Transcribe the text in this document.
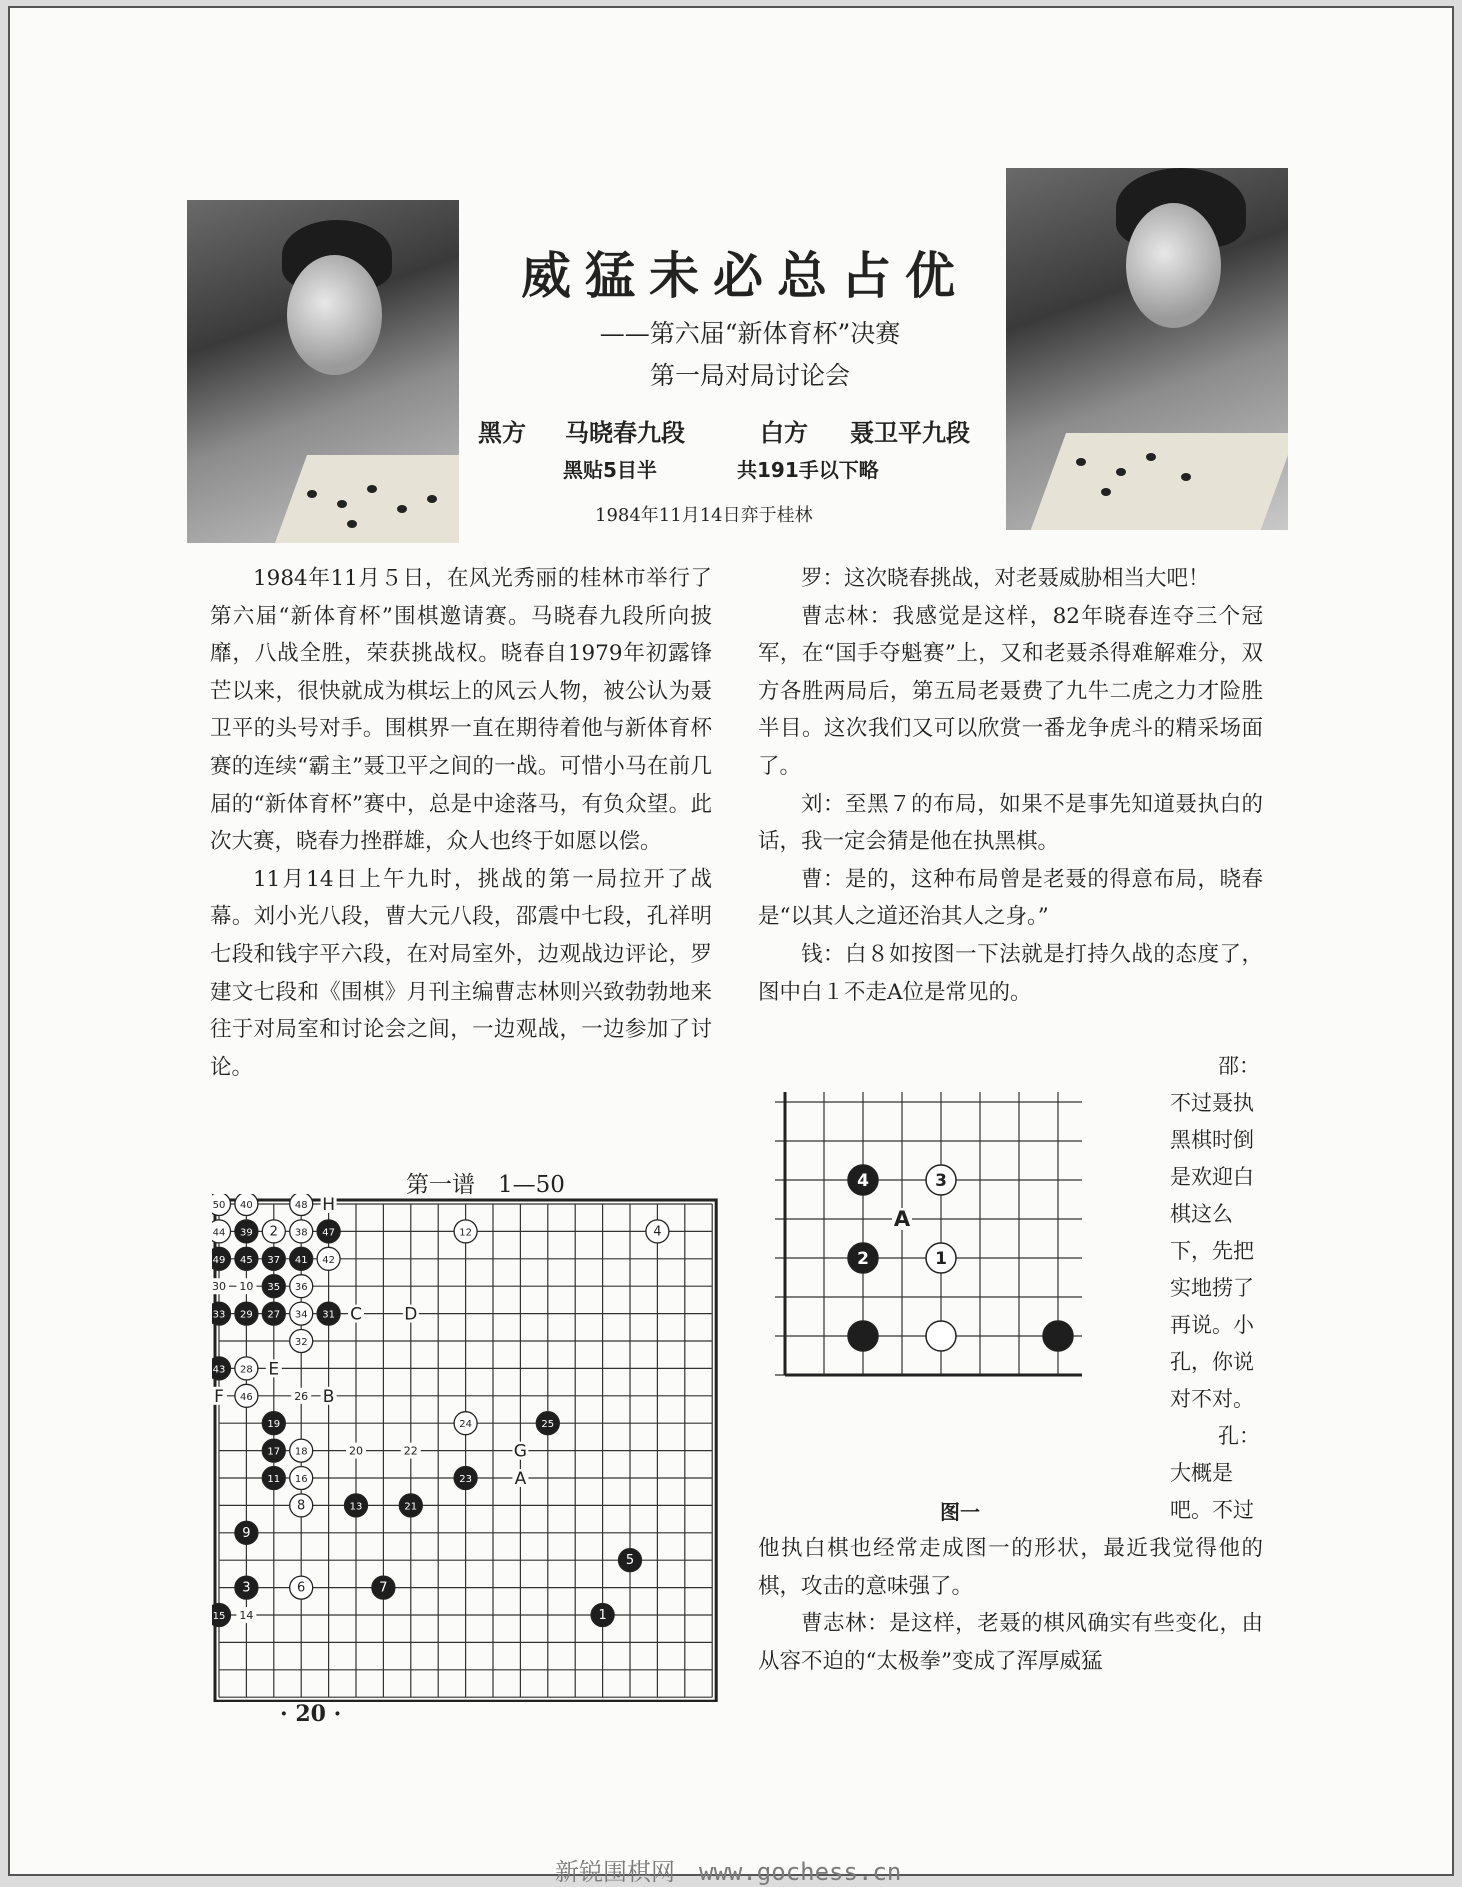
威猛未必总占优
——第六届“新体育杯”决赛
第一局对局讨论会
黑方 马晓春九段	白方 聂卫平九段
黑贴5目半	共191手以下略
1984年11月14日弈于桂林

1984年11月５日，在风光秀丽的桂林市举行了第六届“新体育杯”围棋邀请赛。马晓春九段所向披靡，八战全胜，荣获挑战权。晓春自1979年初露锋芒以来，很快就成为棋坛上的风云人物，被公认为聂卫平的头号对手。围棋界一直在期待着他与新体育杯赛的连续“霸主”聂卫平之间的一战。可惜小马在前几届的“新体育杯”赛中，总是中途落马，有负众望。此次大赛，晓春力挫群雄，众人也终于如愿以偿。

11月14日上午九时，挑战的第一局拉开了战幕。刘小光八段，曹大元八段，邵震中七段，孔祥明七段和钱宇平六段，在对局室外，边观战边评论，罗建文七段和《围棋》月刊主编曹志林则兴致勃勃地来往于对局室和讨论会之间，一边观战，一边参加了讨论。

罗：这次晓春挑战，对老聂威胁相当大吧！

曹志林：我感觉是这样，82年晓春连夺三个冠军，在“国手夺魁赛”上，又和老聂杀得难解难分，双方各胜两局后，第五局老聂费了九牛二虎之力才险胜半目。这次我们又可以欣赏一番龙争虎斗的精采场面了。

刘：至黑７的布局，如果不是事先知道聂执白的话，我一定会猜是他在执黑棋。

曹：是的，这种布局曾是老聂的得意布局，晓春是“以其人之道还治其人之身。”

钱：白８如按图一下法就是打持久战的态度了，图中白１不走A位是常见的。

邵：
不过聂执
黑棋时倒
是欢迎白
棋这么
下，先把
实地捞了
再说。小
孔，你说
对不对。
孔：
大概是
吧。不过

他执白棋也经常走成图一的形状，最近我觉得他的棋，攻击的意味强了。

曹志林：是这样，老聂的棋风确实有些变化，由从容不迫的“太极拳”变成了浑厚威猛

第一谱　1—50
图一
· 20 ·
30 10
26
20	22
14
H
C D
E
F	B
G
A
50 40	48
44 39 2 38 47	12	4
49 45 37 41 42
35 36
33 29 27 34 31
32
43 28
46
19	24	25
17 18
11 16	23
8	13	21
9
5
3	6	7
15	1
A
4	3
2	1
新锐围棋网　www.gochess.cn
